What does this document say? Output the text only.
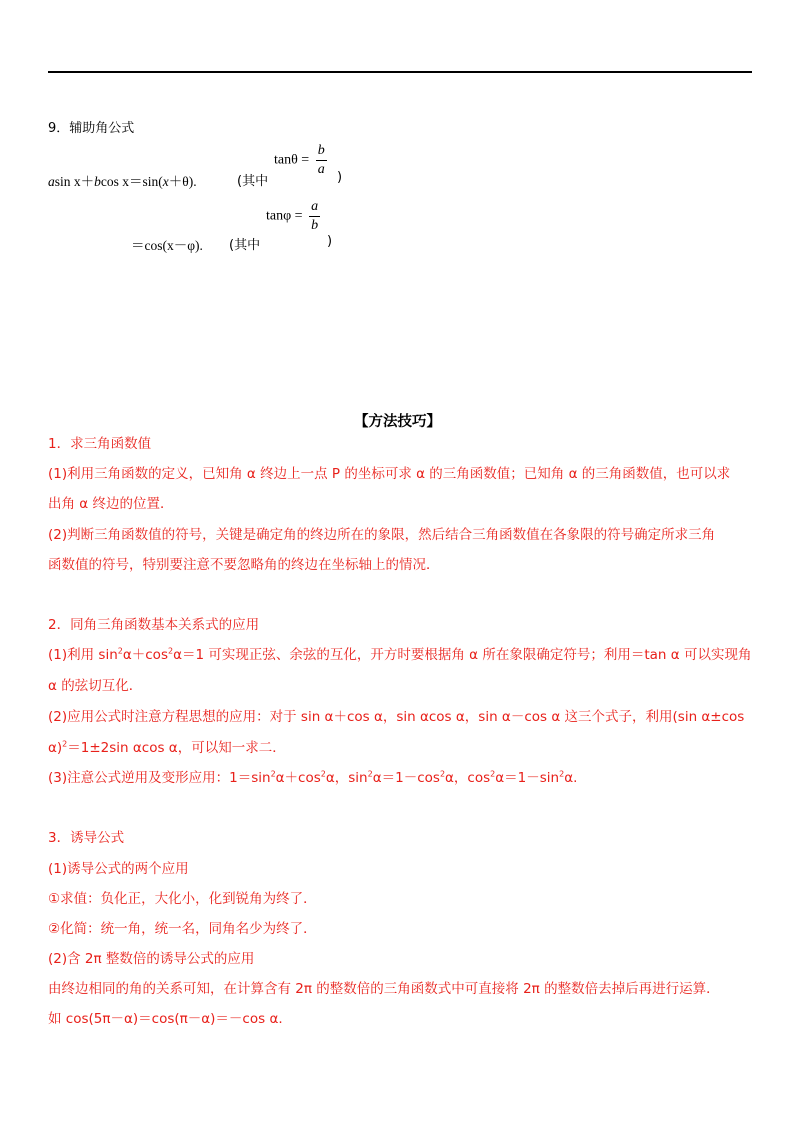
9．辅助角公式
asin x＋bcos x＝sin(x＋θ).	(其中
$\tan\theta = \frac{b}{a}$
)
＝cos(x－φ). (其中
$\tan\varphi = \frac{a}{b}$
)
【方法技巧】
1．求三角函数值
(1)利用三角函数的定义，已知角 α 终边上一点 P 的坐标可求 α 的三角函数值；已知角 α 的三角函数值，也可以求
出角 α 终边的位置．
(2)判断三角函数值的符号，关键是确定角的终边所在的象限，然后结合三角函数值在各象限的符号确定所求三角
函数值的符号，特别要注意不要忽略角的终边在坐标轴上的情况．
2．同角三角函数基本关系式的应用
(1)利用 $\sin^2\alpha+\cos^2\alpha=1$ 可实现正弦、余弦的互化，开方时要根据角 α 所在象限确定符号；利用＝tan α 可以实现角
α 的弦切互化．
(2)应用公式时注意方程思想的应用：对于 sin α＋cos α，sin αcos α，sin α－cos α 这三个式子，利用(sin α±cos
α)$^2$＝1±2sin αcos α，可以知一求二．
(3)注意公式逆用及变形应用：$1=\sin^2\alpha+\cos^2\alpha$，$\sin^2\alpha=1-\cos^2\alpha$，$\cos^2\alpha=1-\sin^2\alpha$.
3．诱导公式
(1)诱导公式的两个应用
①求值：负化正，大化小，化到锐角为终了．
②化简：统一角，统一名，同角名少为终了．
(2)含 2π 整数倍的诱导公式的应用
由终边相同的角的关系可知，在计算含有 2π 的整数倍的三角函数式中可直接将 2π 的整数倍去掉后再进行运算．
如 cos(5π－α)＝cos(π－α)＝－cos α.
